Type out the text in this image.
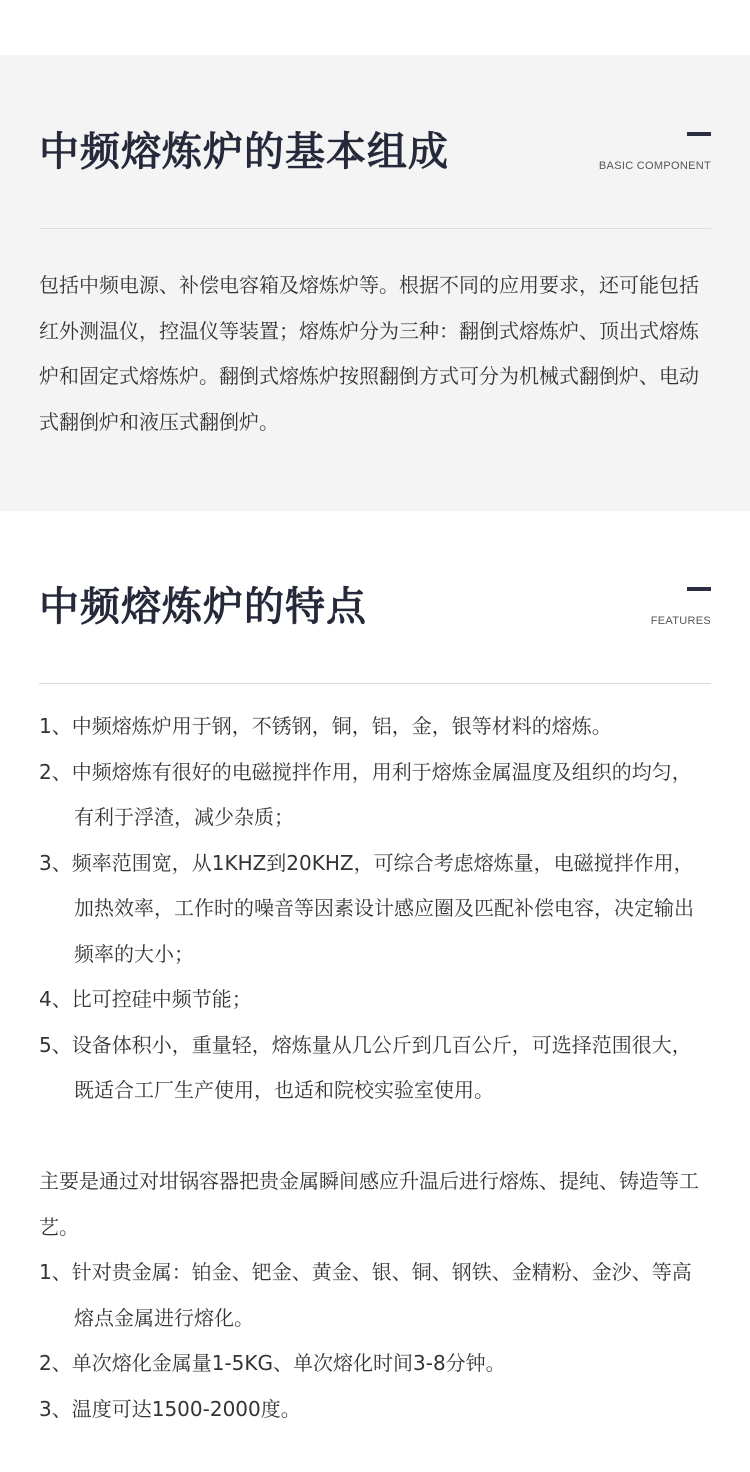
中频熔炼炉的基本组成	BASIC COMPONENT

包括中频电源、补偿电容箱及熔炼炉等。根据不同的应用要求，还可能包括红外测温仪，控温仪等装置；熔炼炉分为三种：翻倒式熔炼炉、顶出式熔炼炉和固定式熔炼炉。翻倒式熔炼炉按照翻倒方式可分为机械式翻倒炉、电动式翻倒炉和液压式翻倒炉。

中频熔炼炉的特点	FEATURES
1、中频熔炼炉用于钢，不锈钢，铜，铝，金，银等材料的熔炼。
2、中频熔炼有很好的电磁搅拌作用，用利于熔炼金属温度及组织的均匀，有利于浮渣，减少杂质；
3、频率范围宽，从1KHZ到20KHZ，可综合考虑熔炼量，电磁搅拌作用，加热效率，工作时的噪音等因素设计感应圈及匹配补偿电容，决定输出频率的大小；
4、比可控硅中频节能；
5、设备体积小，重量轻，熔炼量从几公斤到几百公斤，可选择范围很大，既适合工厂生产使用，也适和院校实验室使用。

主要是通过对坩锅容器把贵金属瞬间感应升温后进行熔炼、提纯、铸造等工艺。

1、针对贵金属：铂金、钯金、黄金、银、铜、钢铁、金精粉、金沙、等高熔点金属进行熔化。
2、单次熔化金属量1-5KG、单次熔化时间3-8分钟。
3、温度可达1500-2000度。
